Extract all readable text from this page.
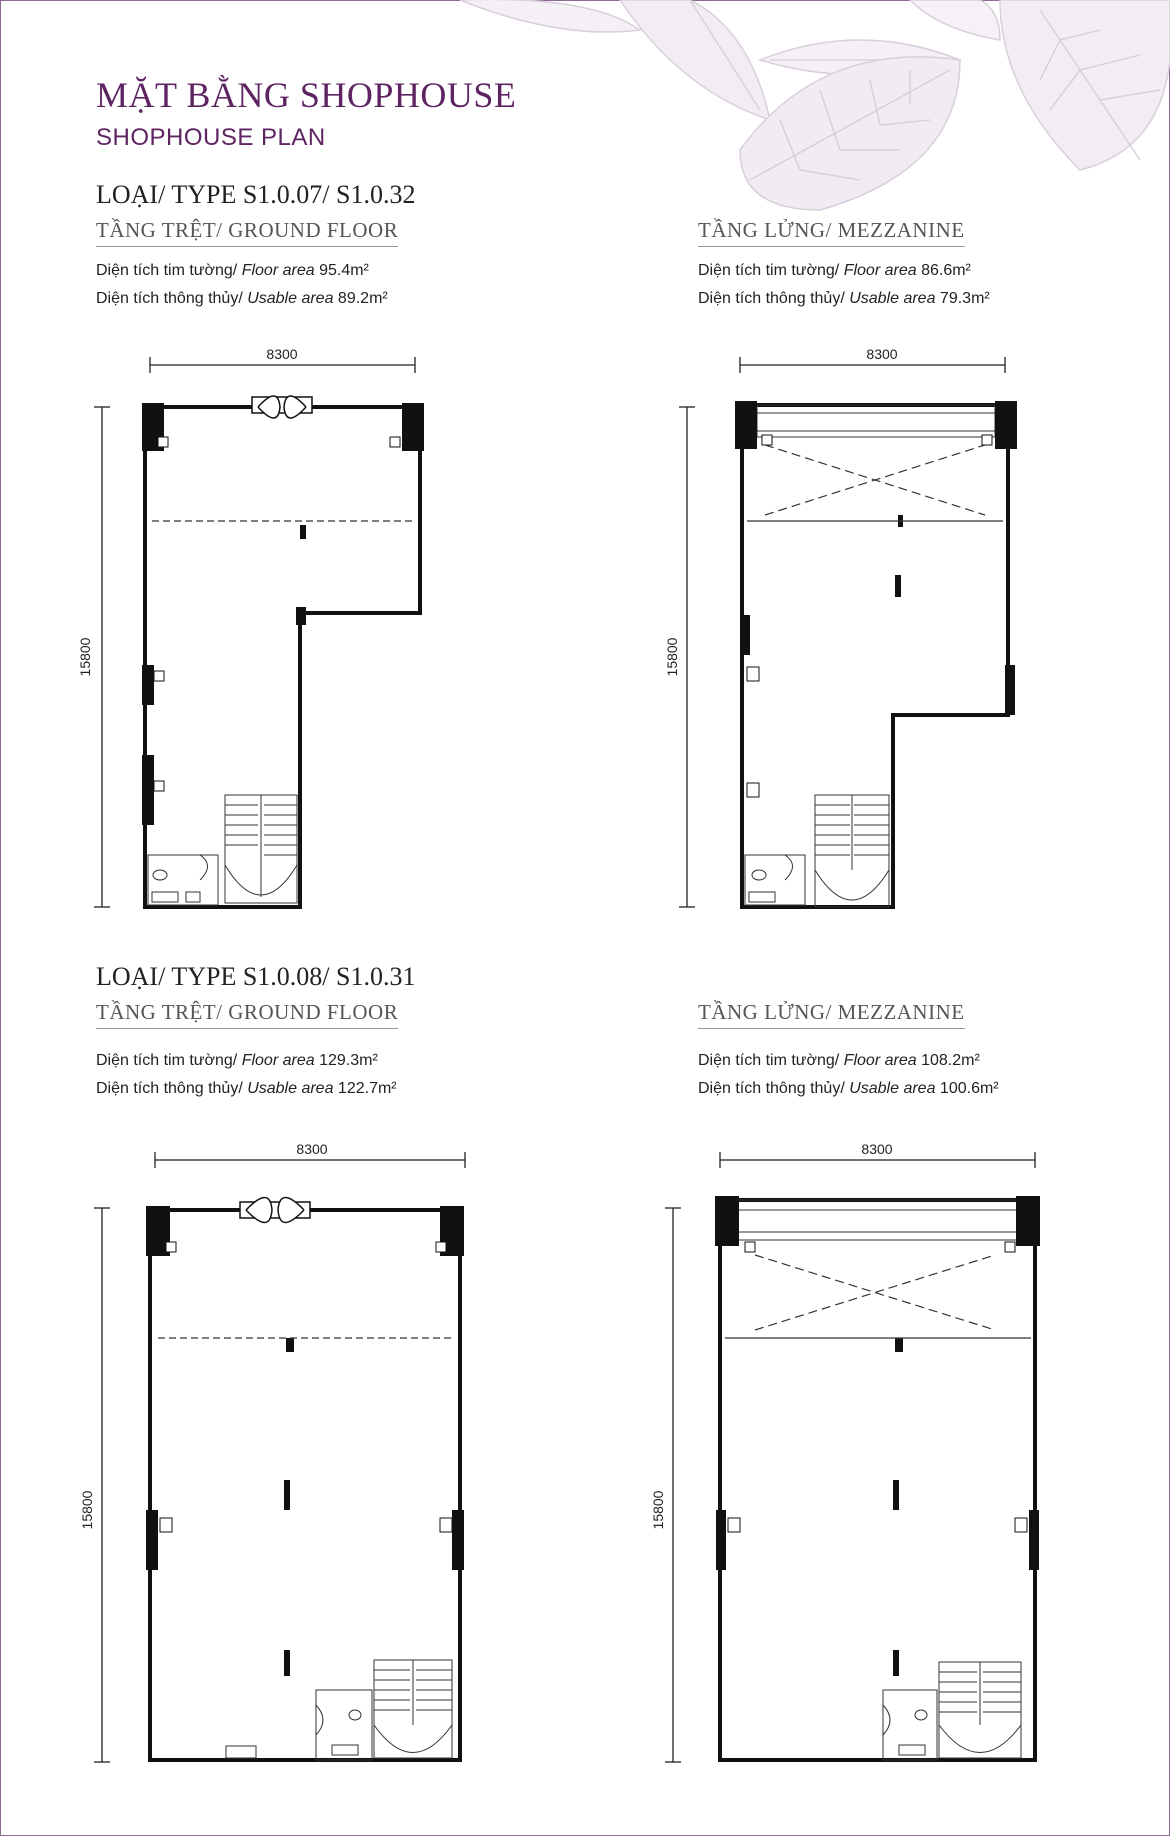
MẶT BẰNG SHOPHOUSE
SHOPHOUSE PLAN
LOẠI/ TYPE S1.0.07/ S1.0.32
TẦNG TRỆT/ GROUND FLOOR
Diện tích tim tường/ Floor area 95.4m²
Diện tích thông thủy/ Usable area 89.2m²
TẦNG LỬNG/ MEZZANINE
Diện tích tim tường/ Floor area 86.6m²
Diện tích thông thủy/ Usable area 79.3m²
8300
15800
8300
15800
LOẠI/ TYPE S1.0.08/ S1.0.31
TẦNG TRỆT/ GROUND FLOOR
Diện tích tim tường/ Floor area 129.3m²
Diện tích thông thủy/ Usable area 122.7m²
TẦNG LỬNG/ MEZZANINE
Diện tích tim tường/ Floor area 108.2m²
Diện tích thông thủy/ Usable area 100.6m²
8300
15800
8300
15800
